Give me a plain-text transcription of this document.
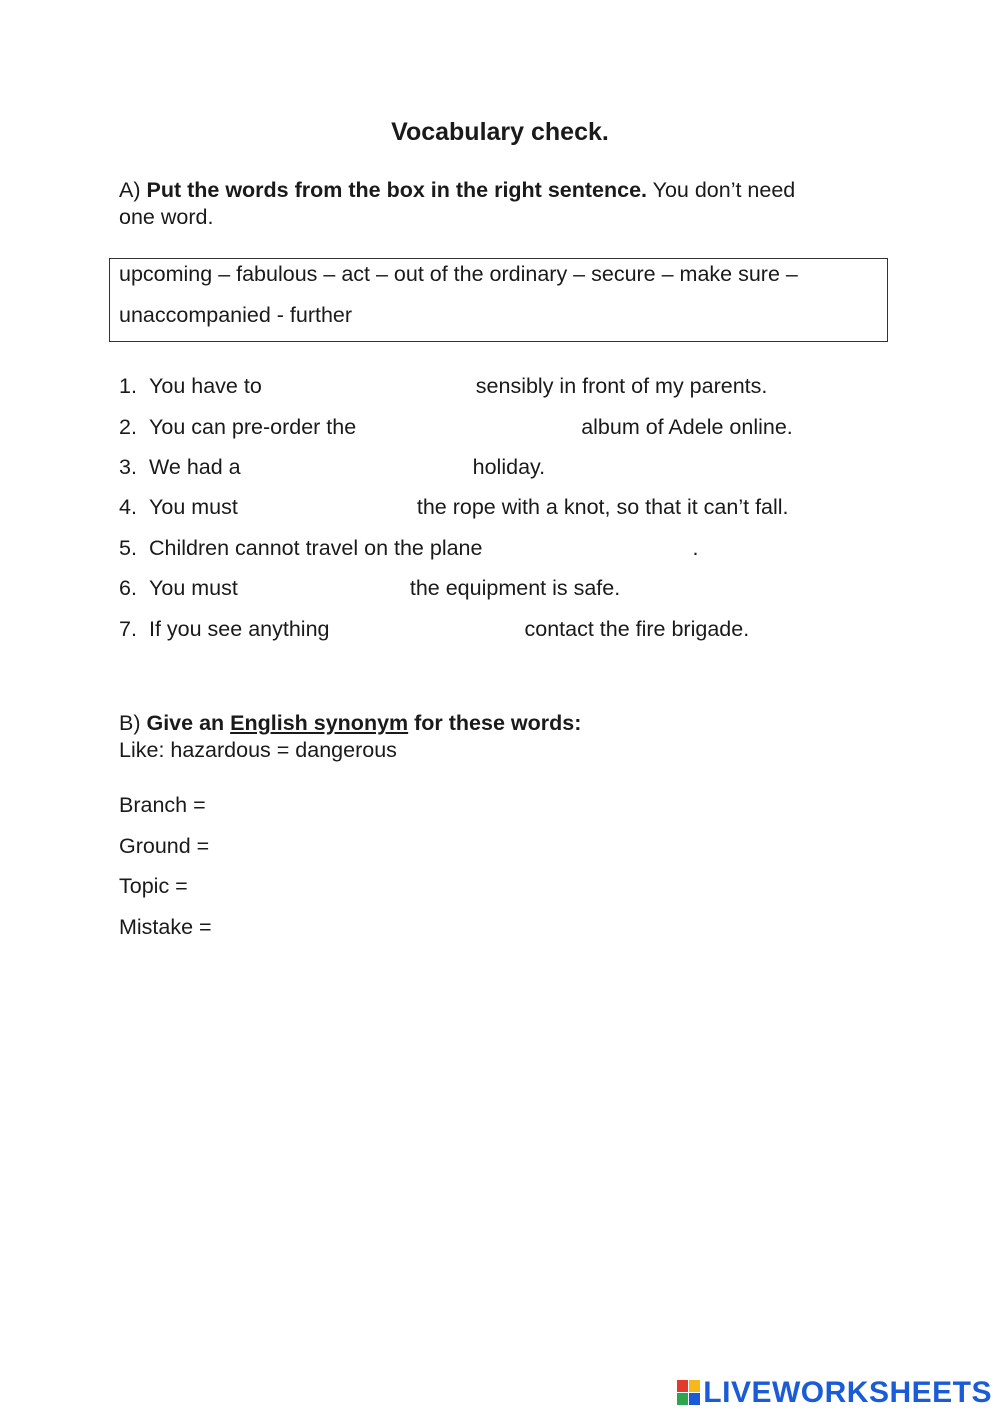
Vocabulary check.
A) Put the words from the box in the right sentence. You don’t need
one word.
upcoming – fabulous – act – out of the ordinary – secure – make sure –
unaccompanied - further
1. You have to	sensibly in front of my parents.
2. You can pre-order the	album of Adele online.
3. We had a	holiday.
4. You must	the rope with a knot, so that it can’t fall.
5. Children cannot travel on the plane	.
6. You must	the equipment is safe.
7. If you see anything	contact the fire brigade.
B) Give an English synonym for these words:
Like: hazardous = dangerous
Branch =
Ground =
Topic =
Mistake =
LIVEWORKSHEETS
